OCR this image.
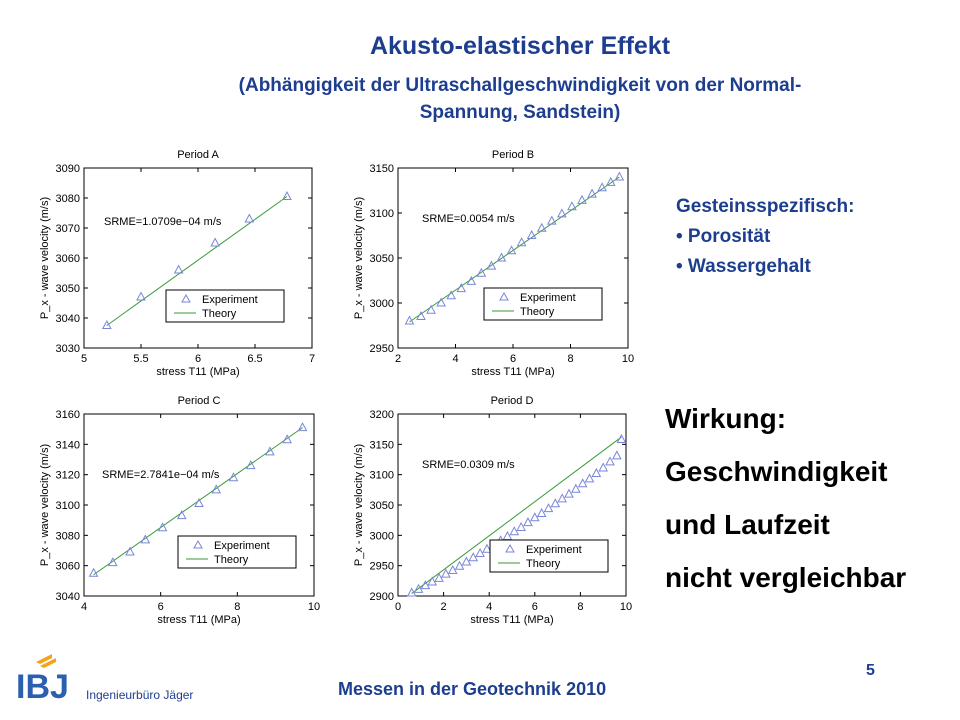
Akusto-elastischer Effekt
(Abhängigkeit der Ultraschallgeschwindigkeit von der Normal-
Spannung, Sandstein)
Period A
5	5.5	6	6.5	7
3030
3040
3050
3060
3070
3080
3090
stress T11 (MPa)
P_x - wave velocity (m/s)	SRME=1.0709e−04 m/s
Experiment
Theory
Period B
2	4	6	8	10
2950
3000
3050
3100
3150
stress T11 (MPa)
P_x - wave velocity (m/s)	SRME=0.0054 m/s
Experiment
Theory
Period C
4	6	8	10
3040
3060
3080
3100
3120
3140
3160
stress T11 (MPa)
P_x - wave velocity (m/s)	SRME=2.7841e−04 m/s
Experiment
Theory
Period D
0	2	4	6	8	10
2900
2950
3000
3050
3100
3150
3200
stress T11 (MPa)
P_x - wave velocity (m/s)	SRME=0.0309 m/s
Experiment
Theory
Gesteinsspezifisch:
• Porosität
• Wassergehalt
Wirkung:
Geschwindigkeit
und Laufzeit
nicht vergleichbar
IBJ Ingenieurbüro Jäger	Messen in der Geotechnik 2010
5
